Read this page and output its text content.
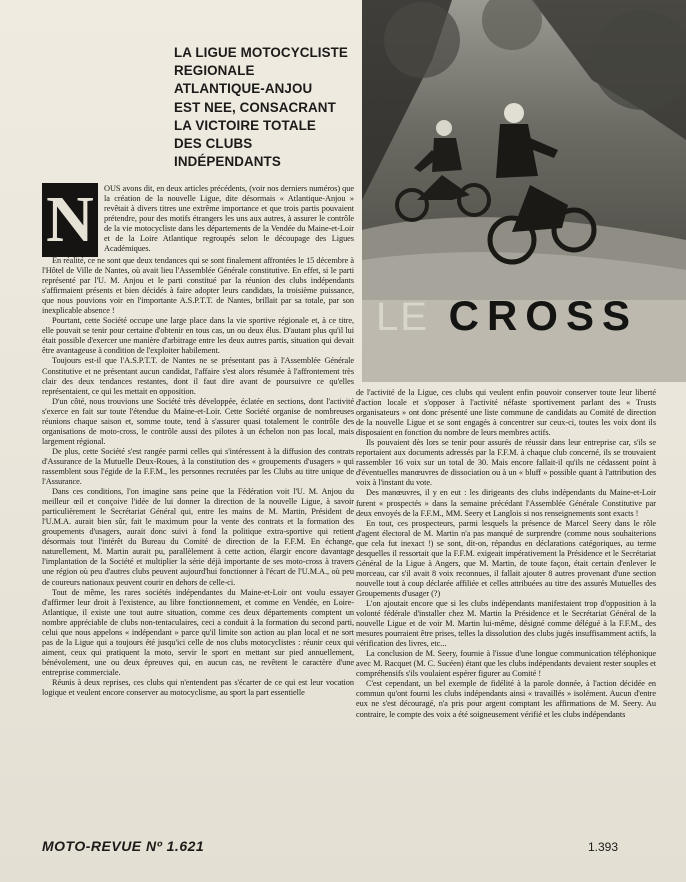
LA LIGUE MOTOCYCLISTE
REGIONALE
ATLANTIQUE-ANJOU
EST NEE, CONSACRANT
LA VICTOIRE TOTALE
DES CLUBS
INDÉPENDANTS
LE CROSS
N	OUS avons dit, en deux articles précédents, (voir nos derniers numéros) que la création de la nouvelle Ligue, dite désormais « Atlantique-Anjou » revêtait à divers titres une extrême importance et que trois partis pouvaient prétendre, pour des motifs étrangers les uns aux autres, à assurer le contrôle de la vie motocycliste dans les départements de la Vendée du Maine-et-Loir et de la Loire Atlantique regroupés selon le découpage des Ligues Académiques.

En réalité, ce ne sont que deux tendances qui se sont finalement affrontées le 15 décembre à l'Hôtel de Ville de Nantes, où avait lieu l'Assemblée Générale constitutive. En effet, si le parti représenté par l'U. M. Anjou et le parti constitué par la réunion des clubs indépendants s'affirmaient présents et bien décidés à faire adopter leurs candidats, la troisième puissance, que nous pouvions voir en l'importante A.S.P.T.T. de Nantes, brillait par sa totale, par son inexplicable absence !

Pourtant, cette Société occupe une large place dans la vie sportive régionale et, à ce titre, elle pouvait se tenir pour certaine d'obtenir en tous cas, un ou deux élus. D'autant plus qu'il lui était possible d'exercer une manière d'arbitrage entre les deux autres partis, situation qui devait être avantageuse à condition de l'exploiter habilement.

Toujours est-il que l'A.S.P.T.T. de Nantes ne se présentant pas à l'Assemblée Générale Constitutive et ne présentant aucun candidat, l'affaire s'est alors résumée à l'affrontement très clair des deux tendances restantes, dont il faut dire avant de poursuivre ce qu'elles représentaient, ce qui les mettait en opposition.

D'un côté, nous trouvions une Société très développée, éclatée en sections, dont l'activité s'exerce en fait sur toute l'étendue du Maine-et-Loir. Cette Société organise de nombreuses réunions chaque saison et, somme toute, tend à s'assurer quasi totalement le contrôle des organisations de moto-cross, le contrôle aussi des pilotes à un échelon non pas local, mais largement régional.

De plus, cette Société s'est rangée parmi celles qui s'intéressent à la diffusion des contrats d'Assurance de la Mutuelle Deux-Roues, à la constitution des « groupements d'usagers » qui rassemblent sous l'égide de la F.F.M., les personnes recrutées par les Clubs au titre unique de l'Assurance.

Dans ces conditions, l'on imagine sans peine que la Fédération voit l'U. M. Anjou du meilleur œil et conçoive l'idée de lui donner la direction de la nouvelle Ligue, à savoir particulièrement le Secrétariat Général qui, entre les mains de M. Martin, Président de l'U.M.A. aurait bien sûr, fait le maximum pour la vente des contrats et la formation des groupements d'usagers, aurait donc suivi à fond la politique extra-sportive qui retient désormais tout l'intérêt du Bureau du Comité de direction de la F.F.M. En échange, naturellement, M. Martin aurait pu, parallèlement à cette action, élargir encore davantage l'implantation de la Société et multiplier la série déjà importante de ses moto-cross à travers une région où peu d'autres clubs peuvent aujourd'hui fonctionner à l'écart de l'U.M.A., où peu de coureurs nationaux peuvent courir en dehors de celle-ci.

Tout de même, les rares sociétés indépendantes du Maine-et-Loir ont voulu essayer d'affirmer leur droit à l'existence, au libre fonctionnement, et comme en Vendée, en Loire-Atlantique, il existe une tout autre situation, comme ces deux départements comptent un nombre appréciable de clubs non-tentaculaires, ceci a conduit à la formation du second parti, celui que nous appelons « indépendant » parce qu'il limite son action au plan local et ne sort pas de la Ligue qui a toujours été jusqu'ici celle de nos clubs motocyclistes : réunir ceux qui aiment, ceux qui pratiquent la moto, servir le sport en mettant sur pied annuellement, bénévolement, une ou deux épreuves qui, en aucun cas, ne revêtent le caractère d'une entreprise commerciale.

Réunis à deux reprises, ces clubs qui n'entendent pas s'écarter de ce qui est leur vocation logique et veulent encore conserver au motocyclisme, au sport la part essentielle

de l'activité de la Ligue, ces clubs qui veulent enfin pouvoir conserver toute leur liberté d'action locale et s'opposer à l'activité néfaste sportivement parlant des « Trusts organisateurs » ont donc présenté une liste commune de candidats au Comité de direction de la nouvelle Ligue et se sont engagés à concentrer sur ceux-ci, toutes les voix dont ils disposaient en fonction du nombre de leurs membres actifs.

Ils pouvaient dès lors se tenir pour assurés de réussir dans leur entreprise car, s'ils se reportaient aux documents adressés par la F.F.M. à chaque club concerné, ils se trouvaient rassembler 16 voix sur un total de 30. Mais encore fallait-il qu'ils ne cédassent point à d'éventuelles manœuvres de dissociation ou à un « bluff » possible quant à l'attribution des voix à l'instant du vote.

Des manœuvres, il y en eut : les dirigeants des clubs indépendants du Maine-et-Loir furent « prospectés » dans la semaine précédant l'Assemblée Générale Constitutive par deux envoyés de la F.F.M., MM. Seery et Langlois si nos renseignements sont exacts !

En tout, ces prospecteurs, parmi lesquels la présence de Marcel Seery dans le rôle d'agent électoral de M. Martin n'a pas manqué de surprendre (comme nous souhaiterions que cela fut inexact !) se sont, dit-on, répandus en déclarations catégoriques, au terme desquelles il ressortait que la F.F.M. exigeait impérativement la Présidence et le Secrétariat Général de la Ligue à Angers, que M. Martin, de toute façon, était certain d'enlever le morceau, car s'il avait 8 voix reconnues, il fallait ajouter 8 autres provenant d'une section nouvelle tout à coup déclarée affiliée et celles attribuées au titre des assurés Mutuelles des Groupements d'usager (?)

L'on ajoutait encore que si les clubs indépendants manifestaient trop d'opposition à la volonté fédérale d'installer chez M. Martin la Présidence et le Secrétariat Général de la nouvelle Ligue et de voir M. Martin lui-même, désigné comme délégué à la F.F.M., des mesures pourraient être prises, telles la dissolution des clubs jugés insuffisamment actifs, la vérification des livres, etc...

La conclusion de M. Seery, fournie à l'issue d'une longue communication téléphonique avec M. Racquet (M. C. Sucéen) étant que les clubs indépendants devaient rester souples et compréhensifs s'ils voulaient espérer figurer au Comité !

C'est cependant, un bel exemple de fidélité à la parole donnée, à l'action décidée en commun qu'ont fourni les clubs indépendants ainsi « travaillés » isolément. Aucun d'entre eux ne s'est découragé, n'a pris pour argent comptant les affirmations de M. Seery. Au contraire, le compte des voix a été soigneusement vérifié et les clubs indépendants

MOTO-REVUE Nº 1.621	1.393
